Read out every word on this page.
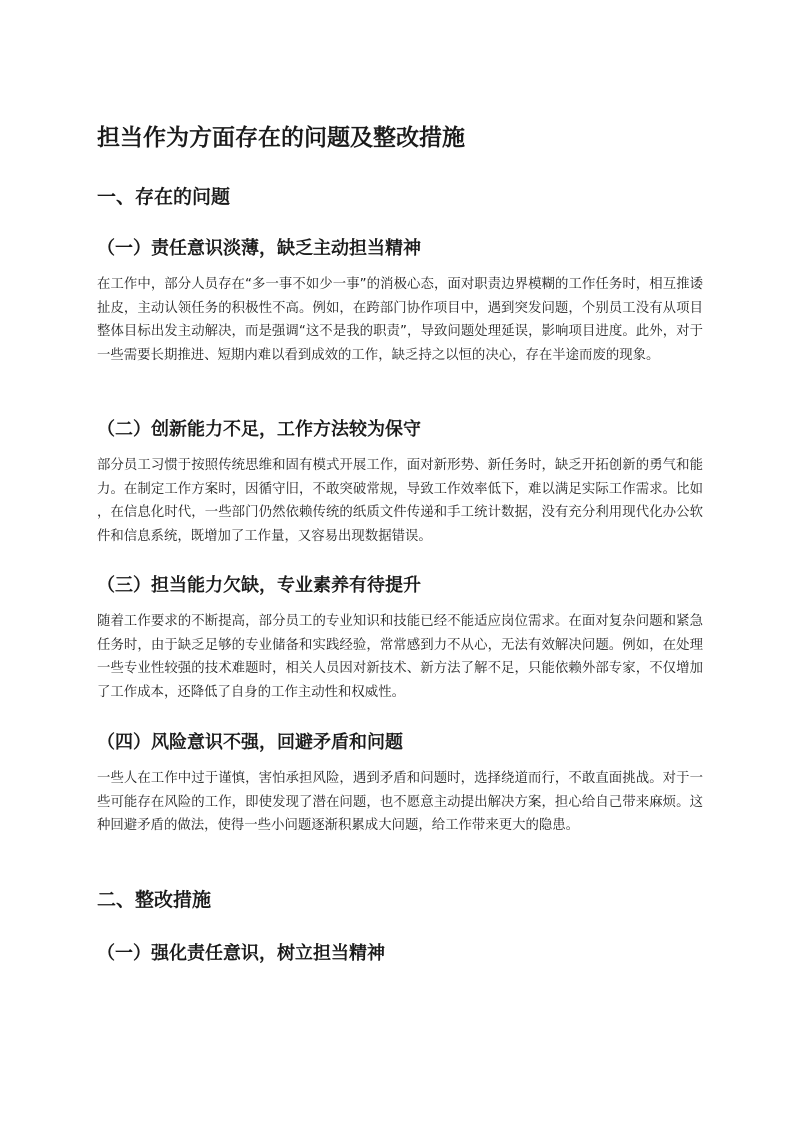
担当作为方面存在的问题及整改措施
一、存在的问题
（一）责任意识淡薄，缺乏主动担当精神

在工作中，部分人员存在“多一事不如少一事”的消极心态，面对职责边界模糊的工作任务时，相互推诿扯皮，主动认领任务的积极性不高。例如，在跨部门协作项目中，遇到突发问题，个别员工没有从项目整体目标出发主动解决，而是强调“这不是我的职责”，导致问题处理延误，影响项目进度。此外，对于一些需要长期推进、短期内难以看到成效的工作，缺乏持之以恒的决心，存在半途而废的现象。

（二）创新能力不足，工作方法较为保守

部分员工习惯于按照传统思维和固有模式开展工作，面对新形势、新任务时，缺乏开拓创新的勇气和能力。在制定工作方案时，因循守旧，不敢突破常规，导致工作效率低下，难以满足实际工作需求。比如，在信息化时代，一些部门仍然依赖传统的纸质文件传递和手工统计数据，没有充分利用现代化办公软件和信息系统，既增加了工作量，又容易出现数据错误。

（三）担当能力欠缺，专业素养有待提升

随着工作要求的不断提高，部分员工的专业知识和技能已经不能适应岗位需求。在面对复杂问题和紧急任务时，由于缺乏足够的专业储备和实践经验，常常感到力不从心，无法有效解决问题。例如，在处理一些专业性较强的技术难题时，相关人员因对新技术、新方法了解不足，只能依赖外部专家，不仅增加了工作成本，还降低了自身的工作主动性和权威性。

（四）风险意识不强，回避矛盾和问题

一些人在工作中过于谨慎，害怕承担风险，遇到矛盾和问题时，选择绕道而行，不敢直面挑战。对于一些可能存在风险的工作，即使发现了潜在问题，也不愿意主动提出解决方案，担心给自己带来麻烦。这种回避矛盾的做法，使得一些小问题逐渐积累成大问题，给工作带来更大的隐患。

二、整改措施
（一）强化责任意识，树立担当精神
